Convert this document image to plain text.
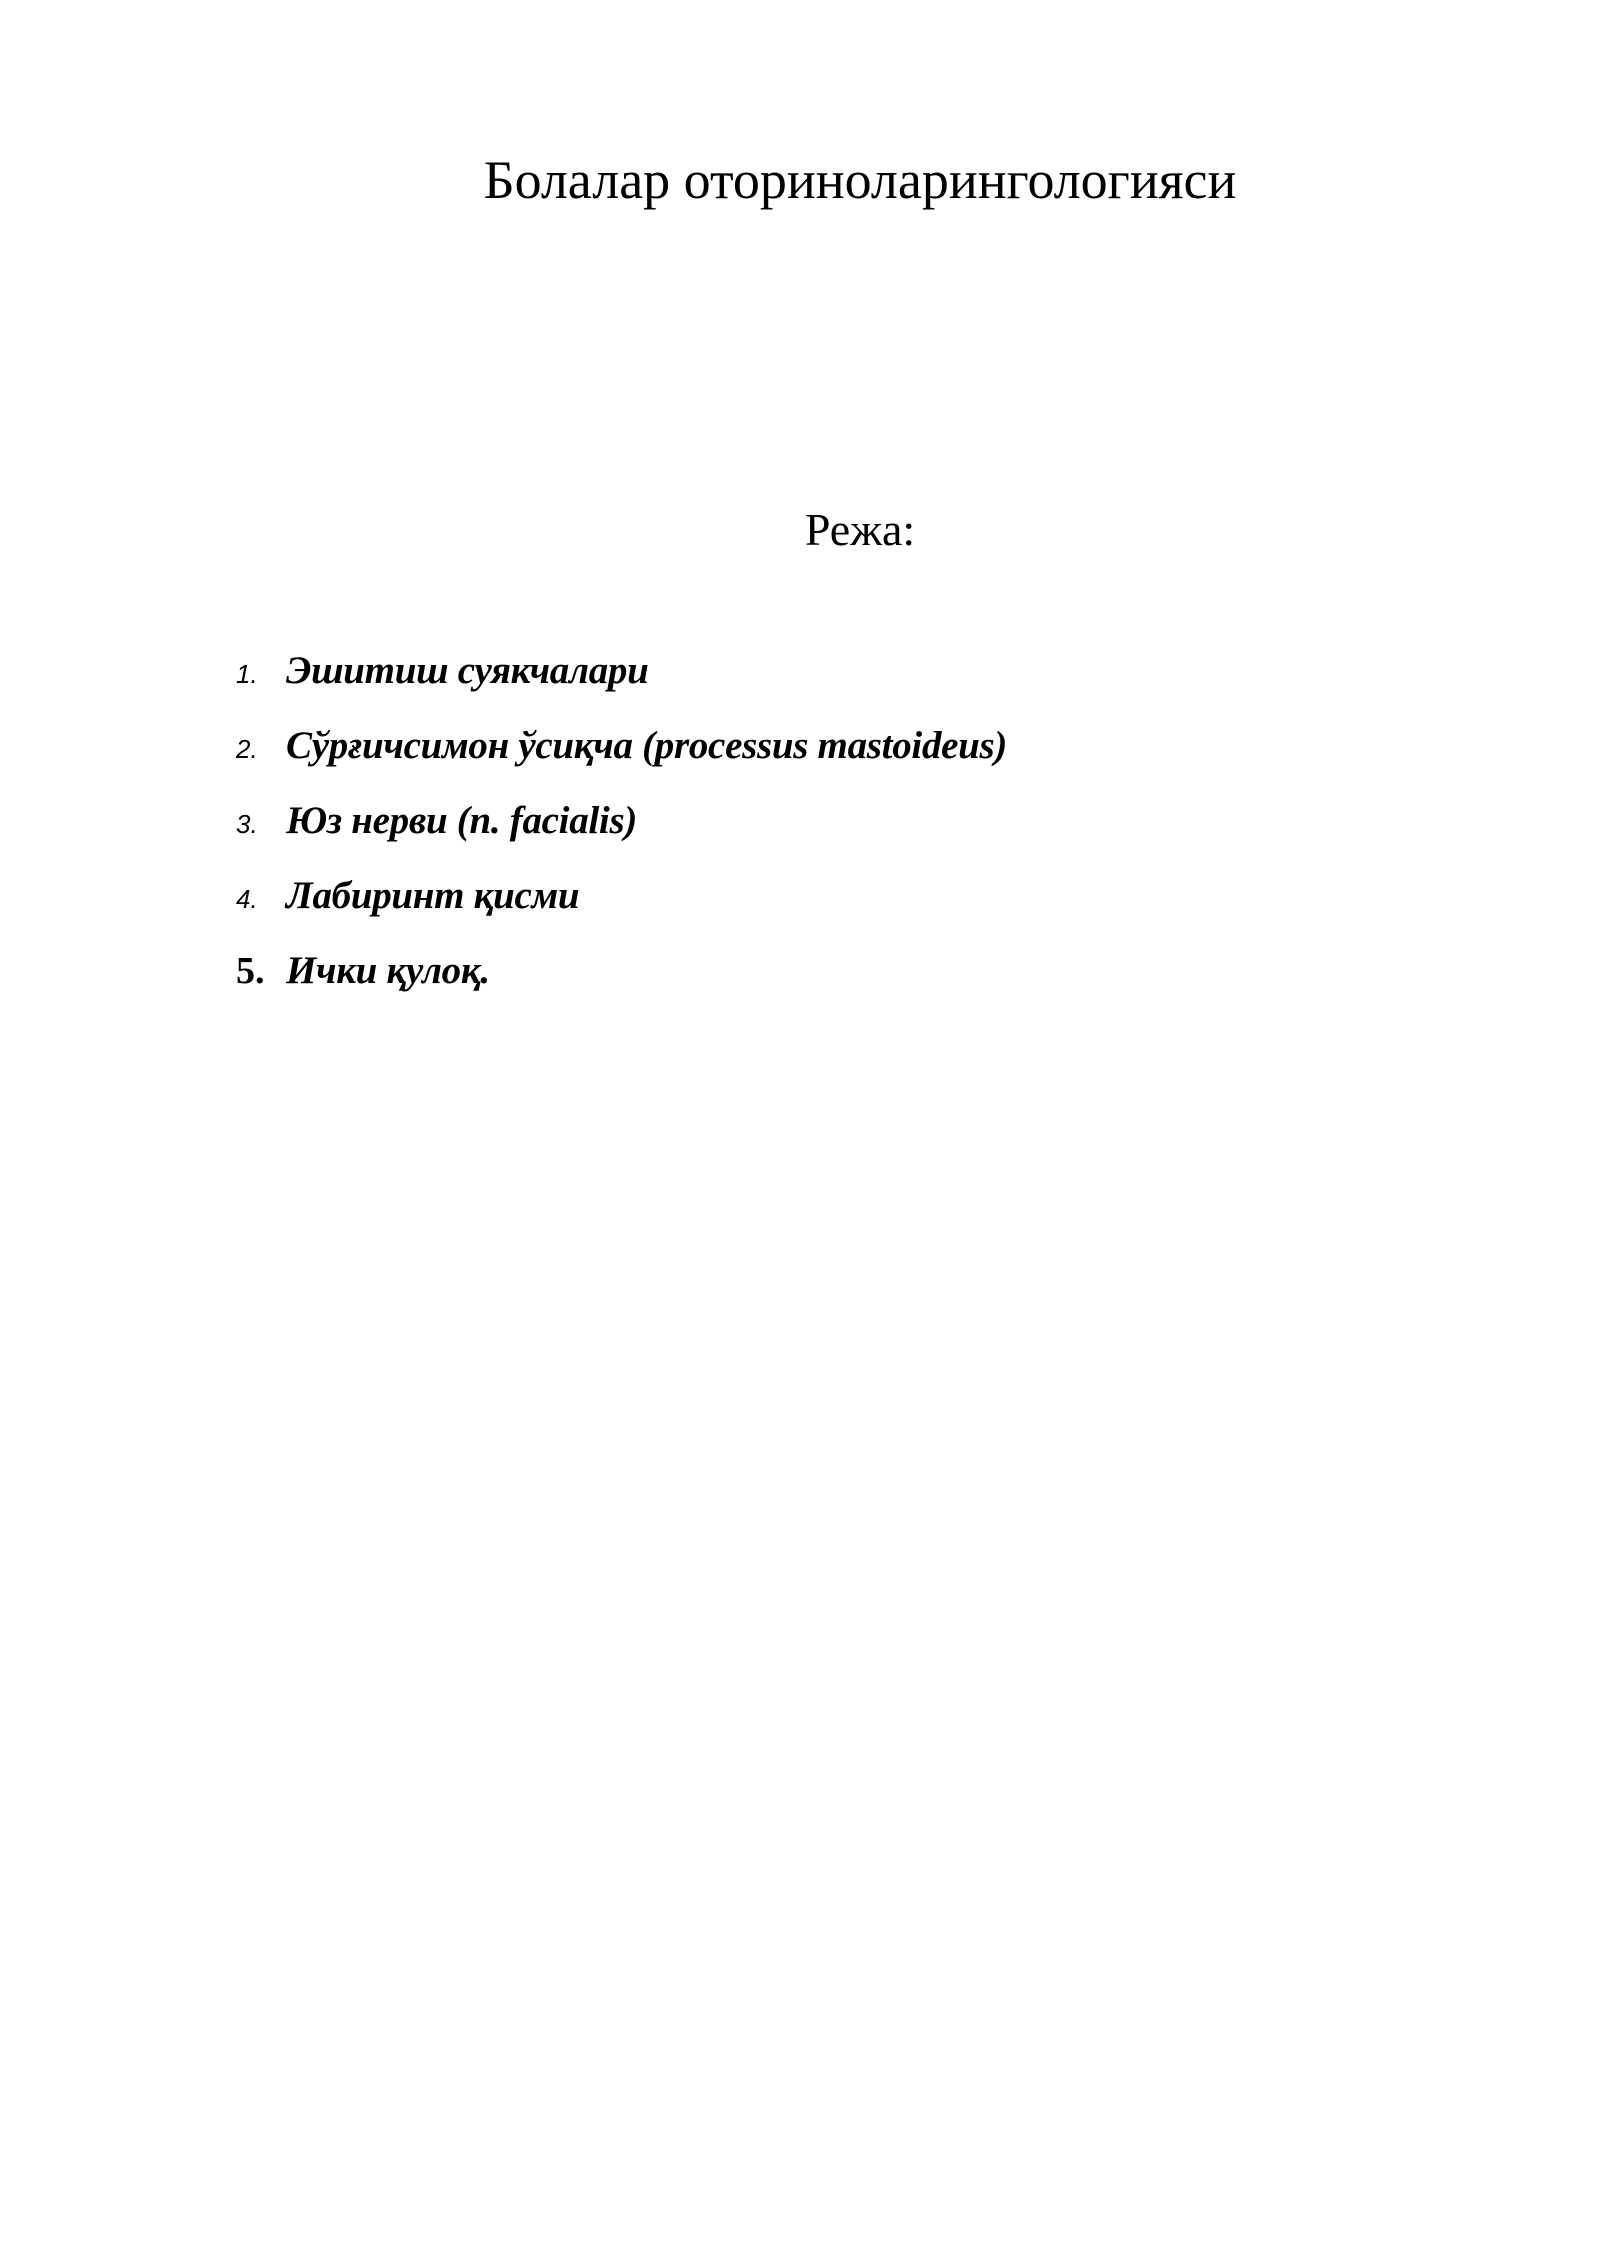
Болалар оториноларингологияси
Режа:
1. Эшитиш суякчалари
2. Сўрғичсимон ўсиқча (processus mastoideus)
3. Юз нерви (n. facialis)
4. Лабиринт қисми
5. Ички қулоқ.
